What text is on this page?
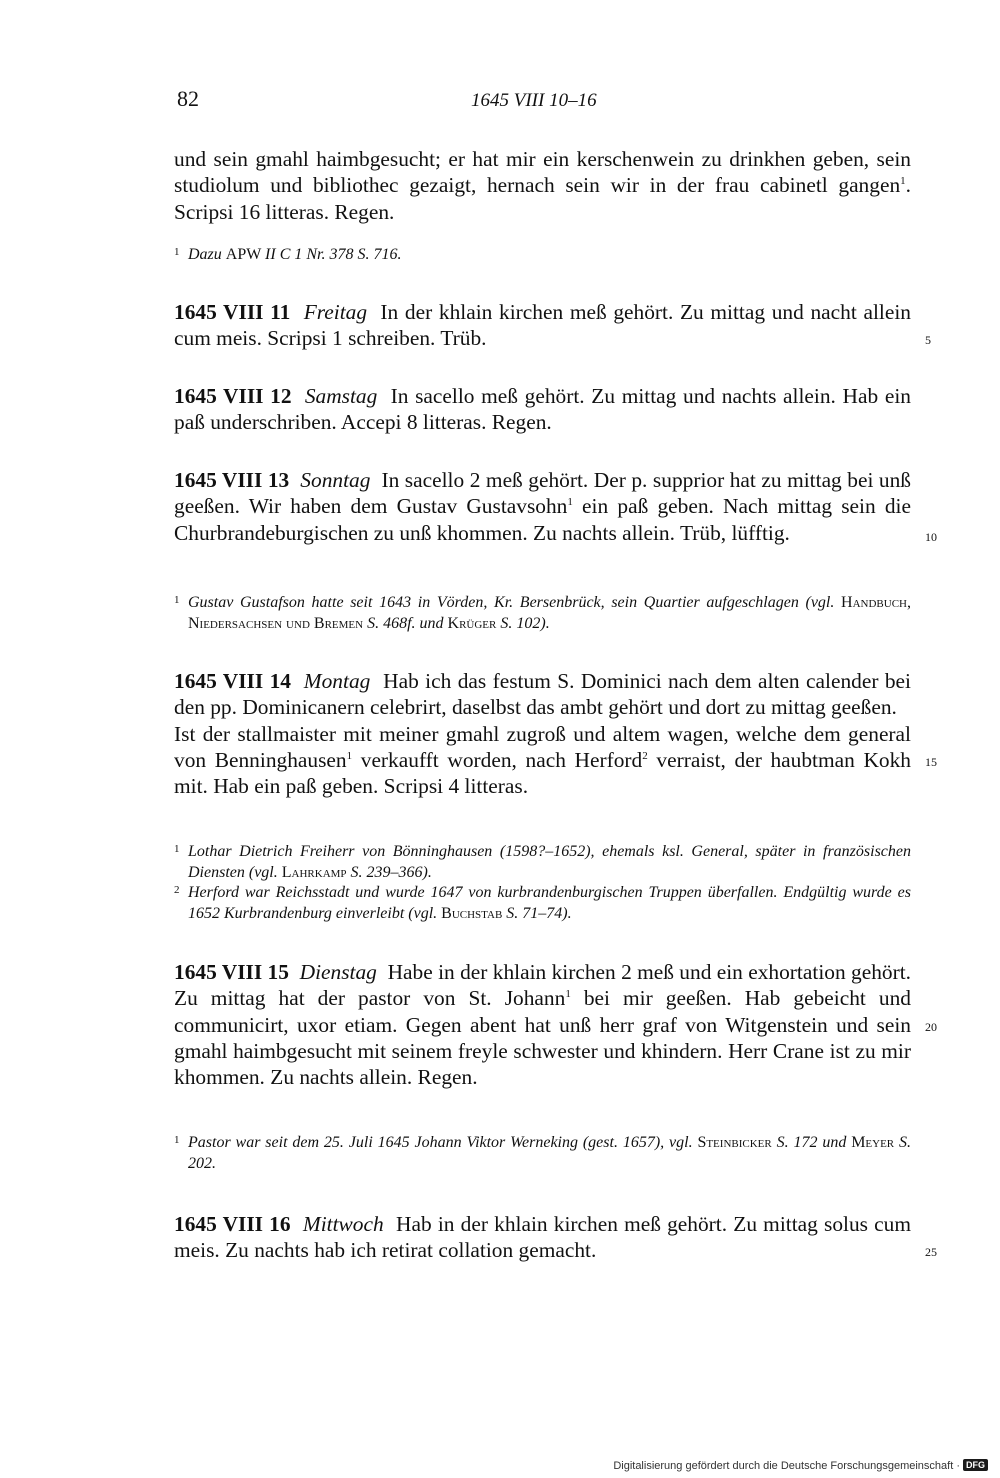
82	1645 VIII 10–16
und sein gmahl haimbgesucht; er hat mir ein kerschenwein zu drinkhen geben, sein studiolum und bibliothec gezaigt, hernach sein wir in der frau cabinetl gangen$^1$. Scripsi 16 litteras. Regen.

1 Dazu APW II C 1 Nr. 378 S. 716.

1645 VIII 11 Freitag In der khlain kirchen meß gehört. Zu mittag und nacht allein cum meis. Scripsi 1 schreiben. Trüb.
1645 VIII 12 Samstag In sacello meß gehört. Zu mittag und nachts allein. Hab ein paß underschriben. Accepi 8 litteras. Regen.
1645 VIII 13 Sonntag In sacello 2 meß gehört. Der p. supprior hat zu mittag bei unß geeßen. Wir haben dem Gustav Gustavsohn$^1$ ein paß geben. Nach mittag sein die Churbrandeburgischen zu unß khommen. Zu nachts allein. Trüb, lüfftig.

1 Gustav Gustafson hatte seit 1643 in Vörden, Kr. Bersenbrück, sein Quartier aufgeschlagen (vgl. Handbuch, Niedersachsen und Bremen S. 468f. und Krüger S. 102).

1645 VIII 14 Montag Hab ich das festum S. Dominici nach dem alten calender bei den pp. Dominicanern celebrirt, daselbst das ambt gehört und dort zu mittag geeßen.

Ist der stallmaister mit meiner gmahl zugroß und altem wagen, welche dem general von Benninghausen$^1$ verkaufft worden, nach Herford$^2$ verraist, der haubtman Kokh mit. Hab ein paß geben. Scripsi 4 litteras.

1 Lothar Dietrich Freiherr von Bönninghausen (1598?–1652), ehemals ksl. General, später in französischen Diensten (vgl. Lahrkamp S. 239–366).

2 Herford war Reichsstadt und wurde 1647 von kurbrandenburgischen Truppen überfallen. Endgültig wurde es 1652 Kurbrandenburg einverleibt (vgl. Buchstab S. 71–74).

1645 VIII 15 Dienstag Habe in der khlain kirchen 2 meß und ein exhortation gehört. Zu mittag hat der pastor von St. Johann$^1$ bei mir geeßen. Hab gebeicht und communicirt, uxor etiam. Gegen abent hat unß herr graf von Witgenstein und sein gmahl haimbgesucht mit seinem freyle schwester und khindern. Herr Crane ist zu mir khommen. Zu nachts allein. Regen.

1 Pastor war seit dem 25. Juli 1645 Johann Viktor Werneking (gest. 1657), vgl. Steinbicker S. 172 und Meyer S. 202.

1645 VIII 16 Mittwoch Hab in der khlain kirchen meß gehört. Zu mittag solus cum meis. Zu nachts hab ich retirat collation gemacht.
5
10
15
20
25
Digitalisierung gefördert durch die Deutsche Forschungsgemeinschaft · DFG
